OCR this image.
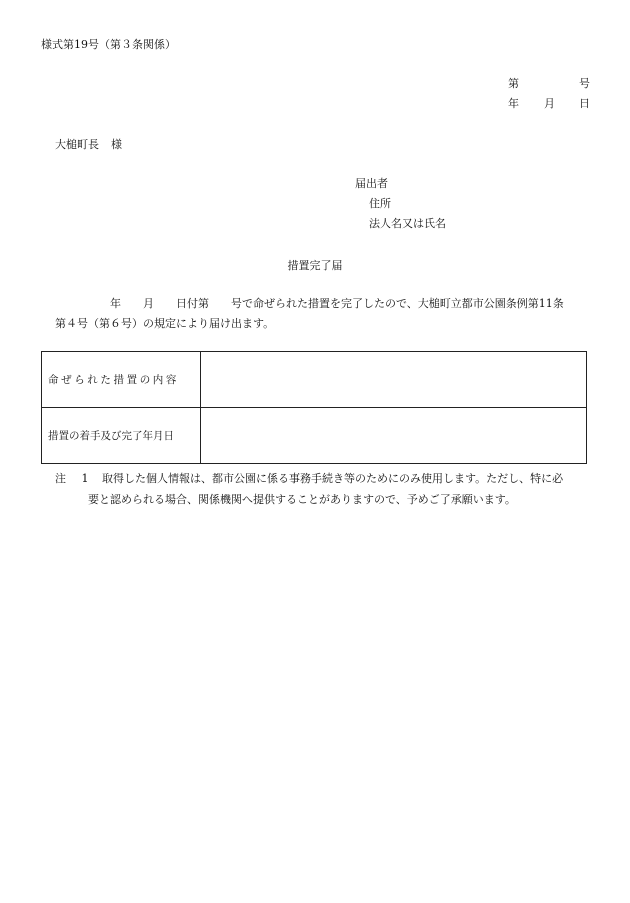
様式第19号（第３条関係）
第	号
年 月 日
大槌町長 様
届出者
住所
法人名又は氏名
措置完了届
年 月 日付第 号で命ぜられた措置を完了したので、大槌町立都市公園条例第11条
第４号（第６号）の規定により届け出ます。
命ぜられた措置の内容	
措置の着手及び完了年月日	
注 1 取得した個人情報は、都市公園に係る事務手続き等のためにのみ使用します。ただし、特に必
要と認められる場合、関係機関へ提供することがありますので、予めご了承願います。
